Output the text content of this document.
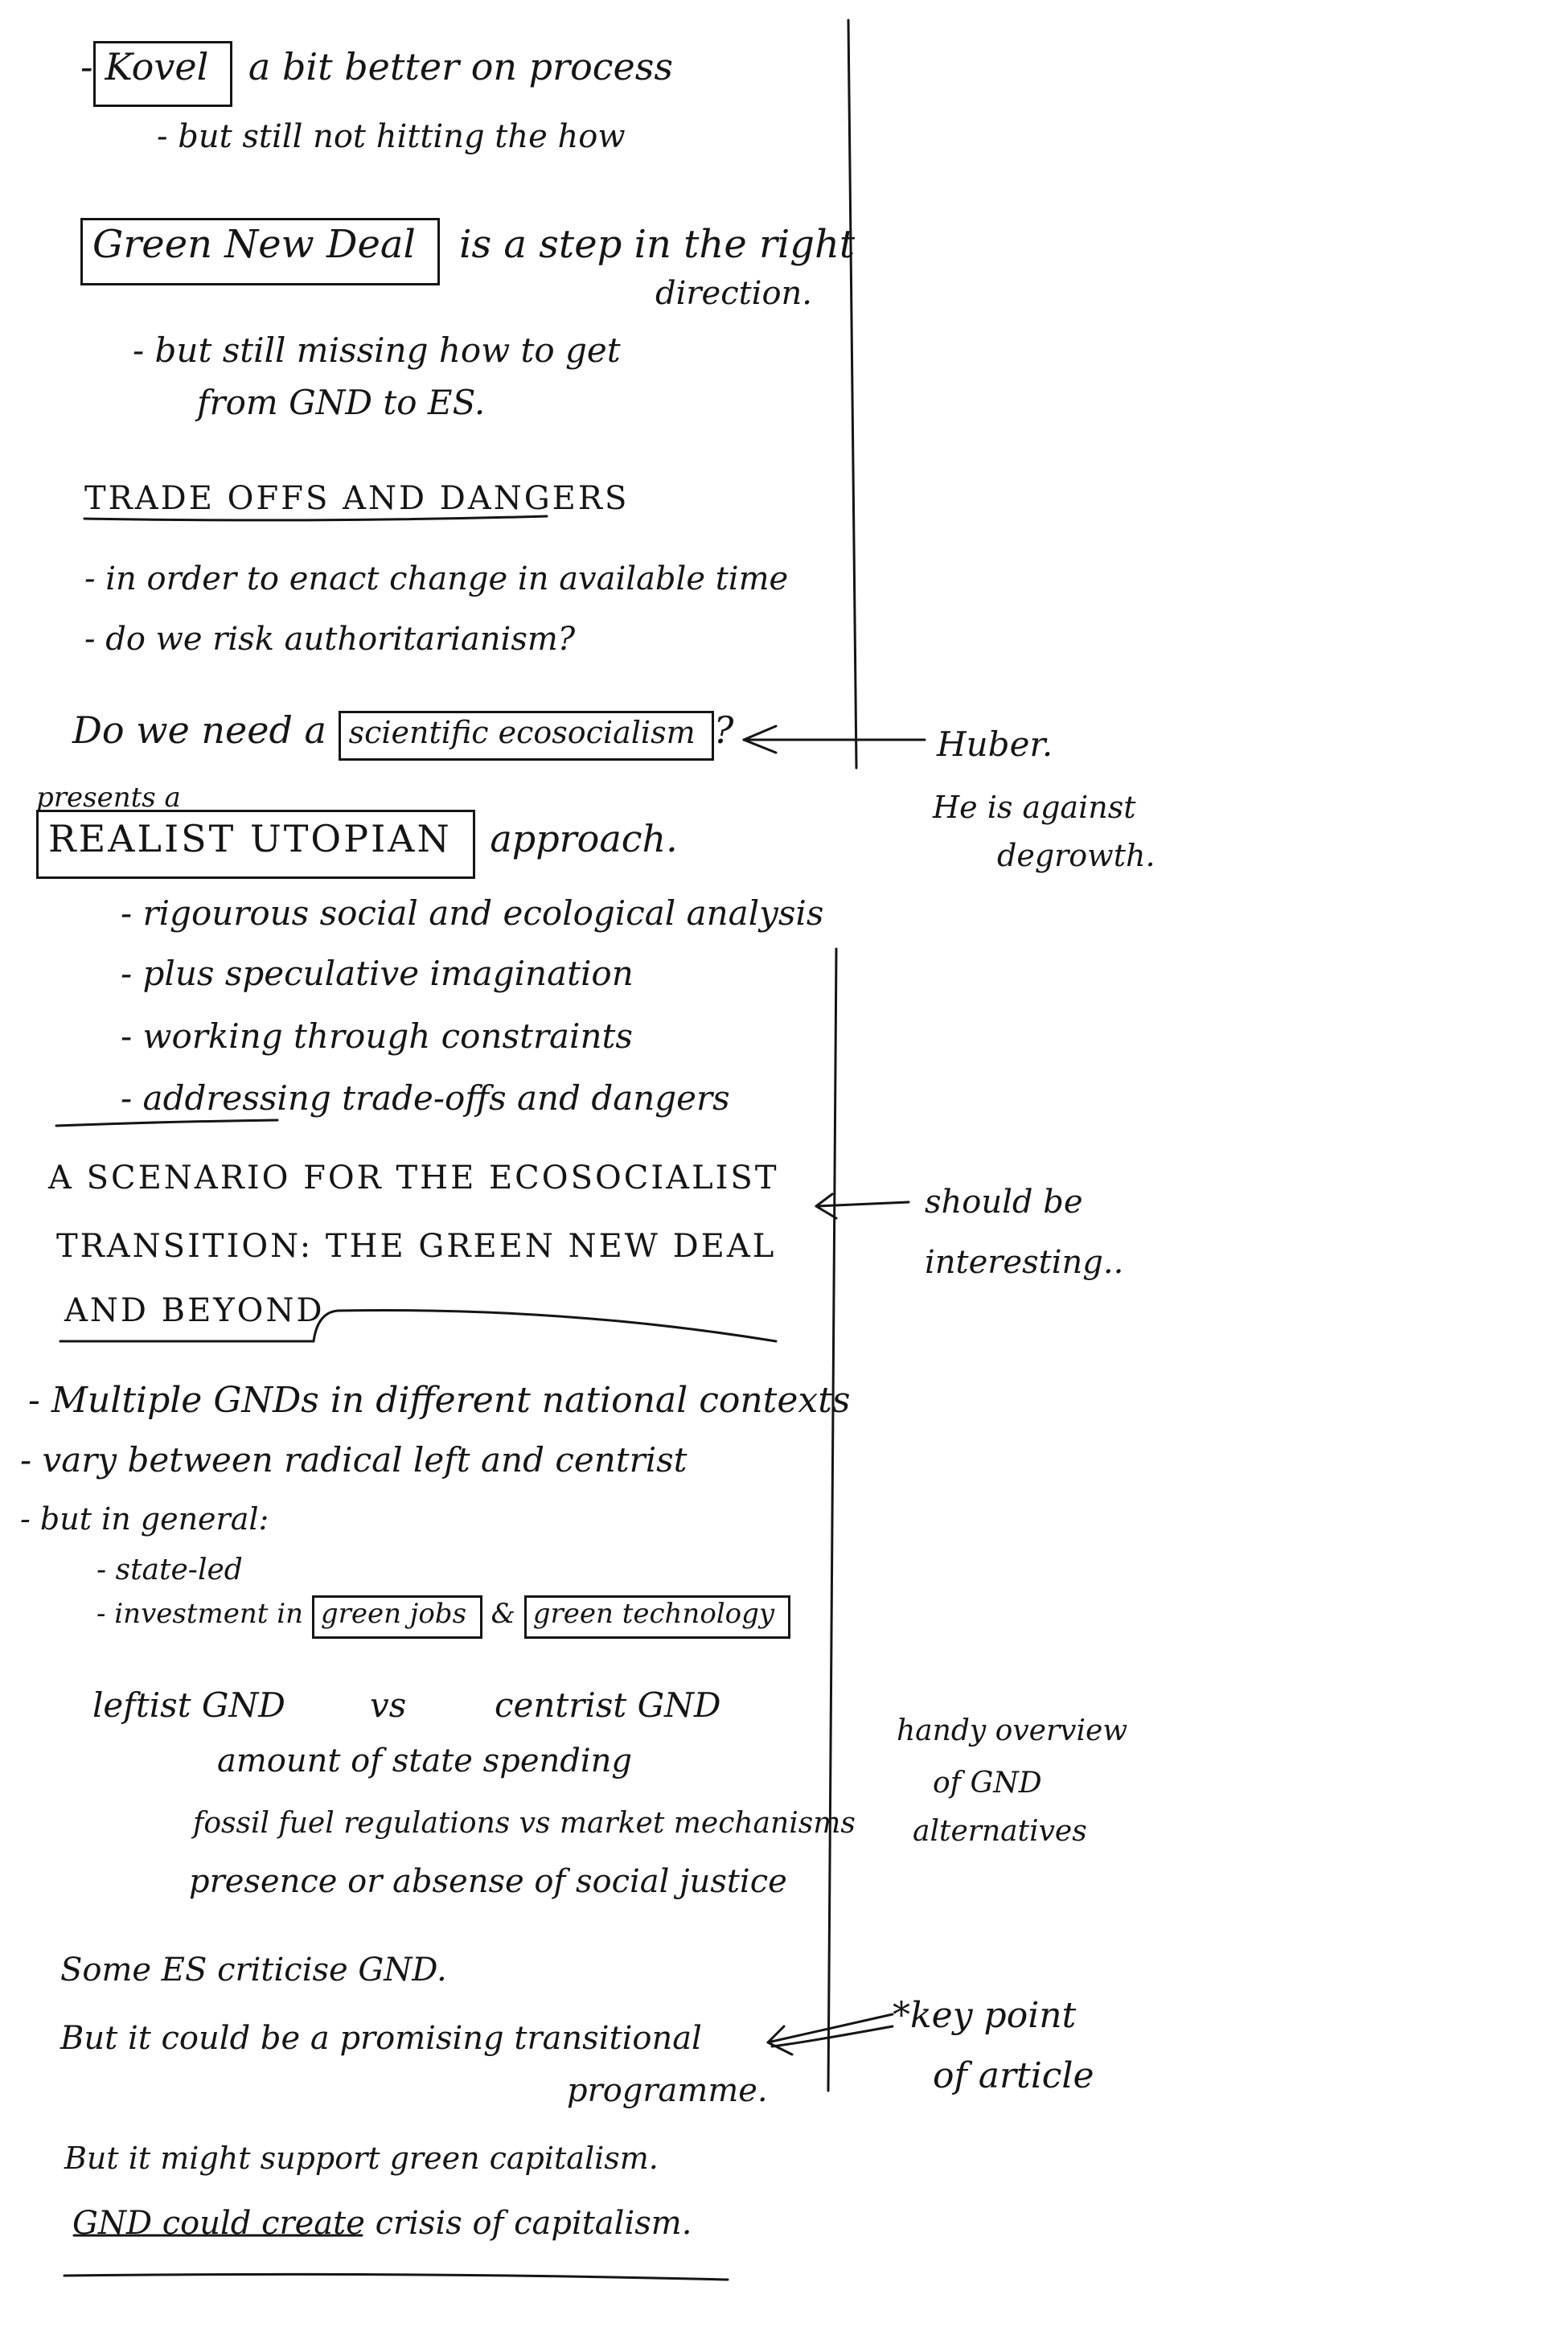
- Kovel a bit better on process
- but still not hitting the how
Green New Deal is a step in the right
direction.
- but still missing how to get
from GND to ES.
TRADE OFFS AND DANGERS
- in order to enact change in available time
- do we risk authoritarianism?
Do we need a scientific ecosocialism ?
presents a
REALIST UTOPIAN approach.
- rigourous social and ecological analysis
- plus speculative imagination
- working through constraints
- addressing trade-offs and dangers
A SCENARIO FOR THE ECOSOCIALIST
TRANSITION: THE GREEN NEW DEAL
AND BEYOND
- Multiple GNDs in different national contexts
- vary between radical left and centrist
- but in general:
- state-led
- investment in green jobs & green technology
leftist GND	vs	centrist GND
amount of state spending
fossil fuel regulations vs market mechanisms
presence or absense of social justice
Some ES criticise GND.
But it could be a promising transitional
programme.
But it might support green capitalism.
GND could create crisis of capitalism.
Huber.
He is against
degrowth.
should be
interesting..
handy overview
of GND
alternatives
*key point
of article
